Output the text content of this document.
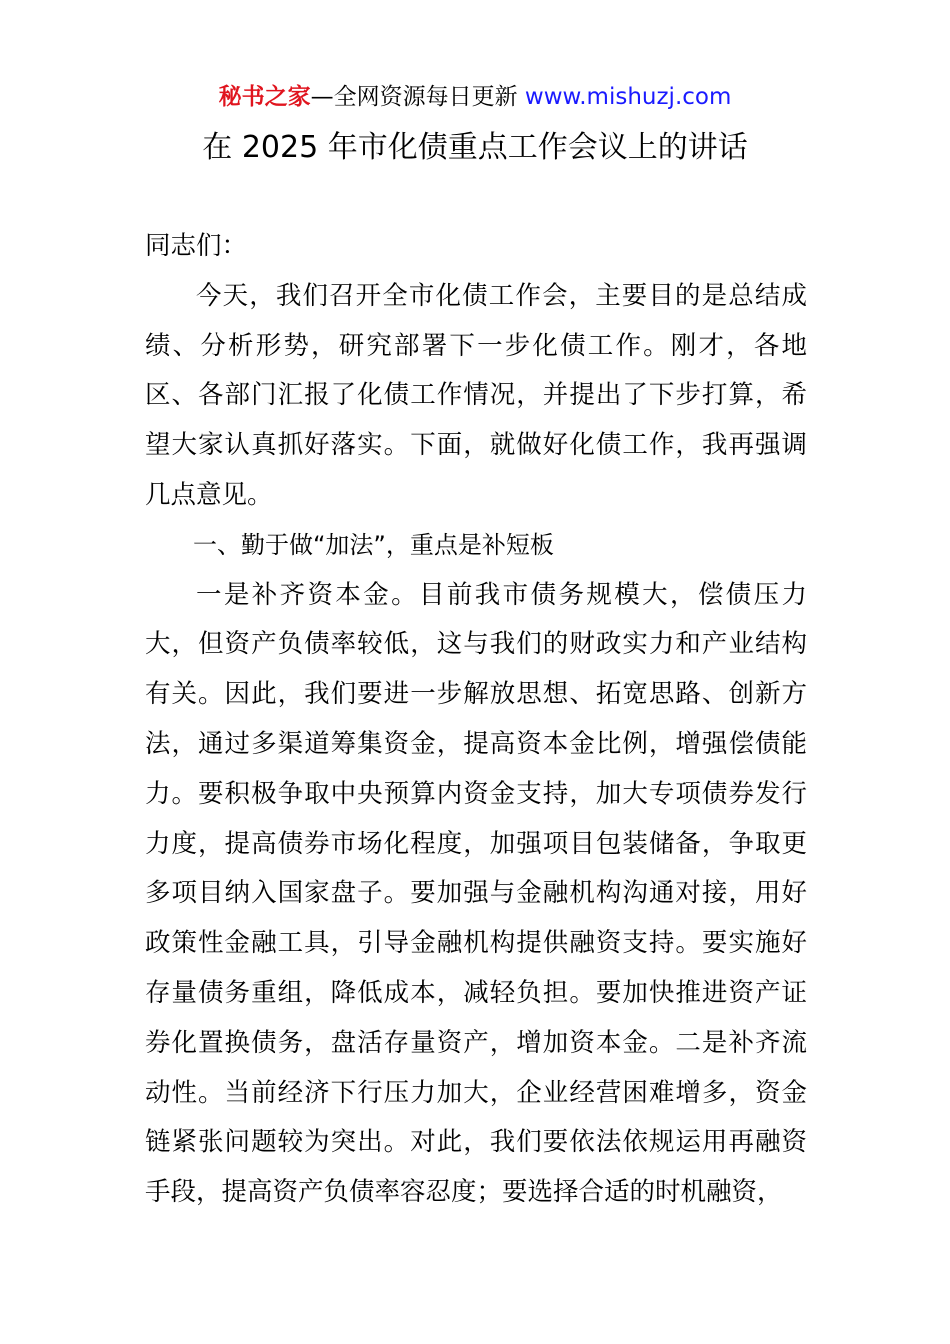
秘书之家—全网资源每日更新 www.mishuzj.com
在 2025 年市化债重点工作会议上的讲话

同志们：

今天，我们召开全市化债工作会，主要目的是总结成绩、分析形势，研究部署下一步化债工作。刚才，各地区、各部门汇报了化债工作情况，并提出了下步打算，希望大家认真抓好落实。下面，就做好化债工作，我再强调几点意见。

一、勤于做“加法”，重点是补短板

一是补齐资本金。目前我市债务规模大，偿债压力大，但资产负债率较低，这与我们的财政实力和产业结构有关。因此，我们要进一步解放思想、拓宽思路、创新方法，通过多渠道筹集资金，提高资本金比例，增强偿债能力。要积极争取中央预算内资金支持，加大专项债券发行力度，提高债券市场化程度，加强项目包装储备，争取更多项目纳入国家盘子。要加强与金融机构沟通对接，用好政策性金融工具，引导金融机构提供融资支持。要实施好存量债务重组，降低成本，减轻负担。要加快推进资产证券化置换债务，盘活存量资产，增加资本金。二是补齐流动性。当前经济下行压力加大，企业经营困难增多，资金链紧张问题较为突出。对此，我们要依法依规运用再融资手段，提高资产负债率容忍度；要选择合适的时机融资，
